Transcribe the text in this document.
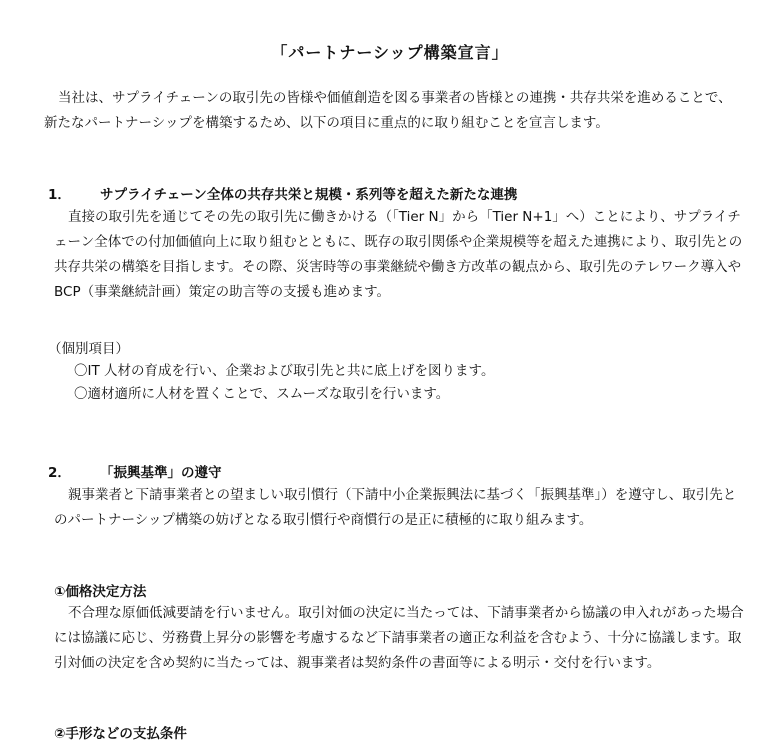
「パートナーシップ構築宣言」

当社は、サプライチェーンの取引先の皆様や価値創造を図る事業者の皆様との連携・共存共栄を進めることで、新たなパートナーシップを構築するため、以下の項目に重点的に取り組むことを宣言します。

1． サプライチェーン全体の共存共栄と規模・系列等を超えた新たな連携

直接の取引先を通じてその先の取引先に働きかける（「Tier N」から「Tier N+1」へ）ことにより、サプライチェーン全体での付加価値向上に取り組むとともに、既存の取引関係や企業規模等を超えた連携により、取引先との共存共栄の構築を目指します。その際、災害時等の事業継続や働き方改革の観点から、取引先のテレワーク導入やBCP（事業継続計画）策定の助言等の支援も進めます。

（個別項目）
〇IT 人材の育成を行い、企業および取引先と共に底上げを図ります。
〇適材適所に人材を置くことで、スムーズな取引を行います。
2． 「振興基準」の遵守

親事業者と下請事業者との望ましい取引慣行（下請中小企業振興法に基づく「振興基準」）を遵守し、取引先とのパートナーシップ構築の妨げとなる取引慣行や商慣行の是正に積極的に取り組みます。

①価格決定方法

不合理な原価低減要請を行いません。取引対価の決定に当たっては、下請事業者から協議の申入れがあった場合には協議に応じ、労務費上昇分の影響を考慮するなど下請事業者の適正な利益を含むよう、十分に協議します。取引対価の決定を含め契約に当たっては、親事業者は契約条件の書面等による明示・交付を行います。

②手形などの支払条件
